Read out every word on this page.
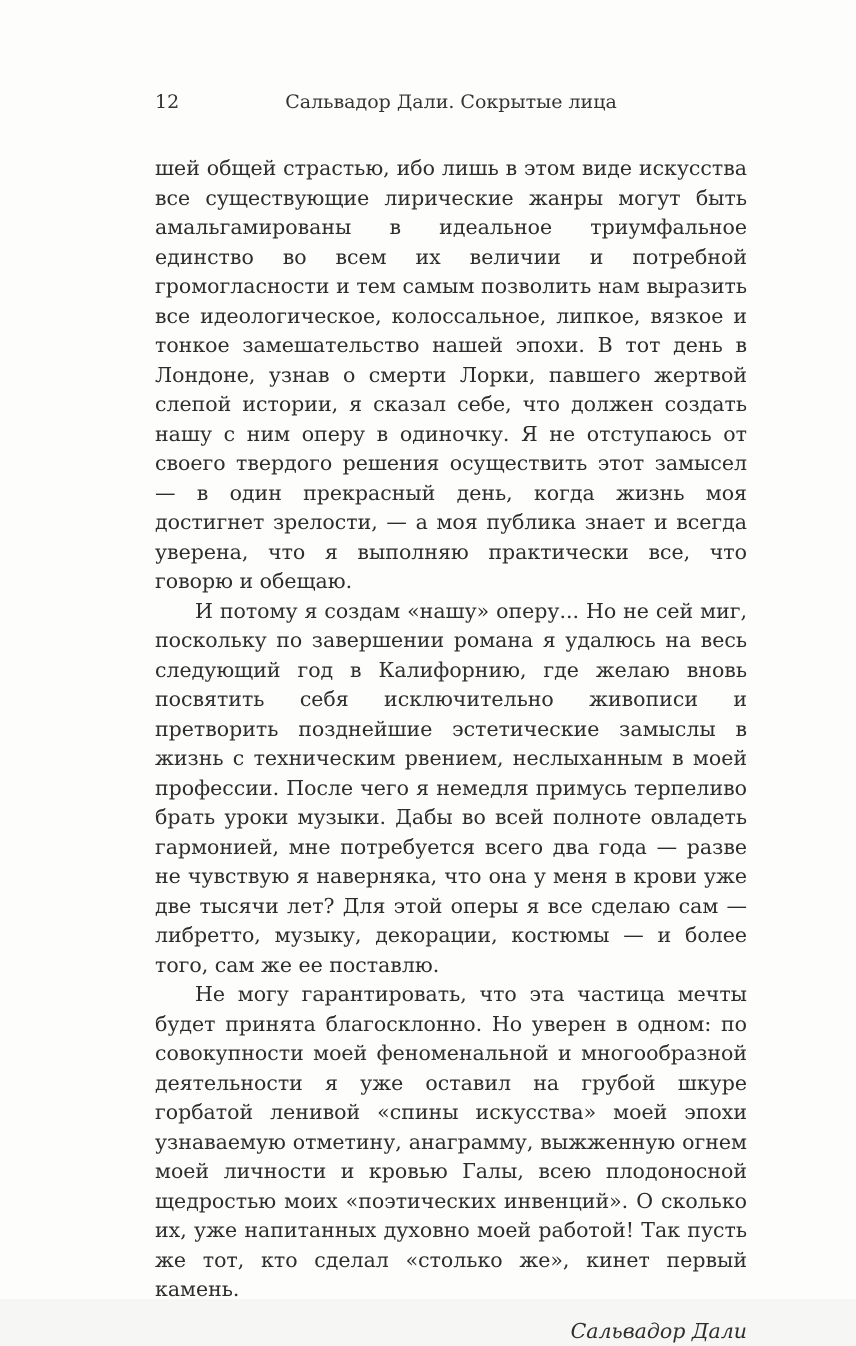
12	Сальвадор Дали. Сокрытые лица

шей общей страстью, ибо лишь в этом виде искусства все существующие лирические жанры могут быть амальгамированы в идеальное триумфальное единство во всем их величии и потребной громогласности и тем самым позволить нам выразить все идеологическое, колоссальное, липкое, вязкое и тонкое замешательство нашей эпохи. В тот день в Лондоне, узнав о смерти Лорки, павшего жертвой слепой истории, я сказал себе, что должен создать нашу с ним оперу в одиночку. Я не отступаюсь от своего твердого решения осуществить этот замысел — в один прекрасный день, когда жизнь моя достигнет зрелости, — а моя публика знает и всегда уверена, что я выполняю практически все, что говорю и обещаю.

И потому я создам «нашу» оперу... Но не сей миг, поскольку по завершении романа я удалюсь на весь следующий год в Калифорнию, где желаю вновь посвятить себя исключительно живописи и претворить позднейшие эстетические замыслы в жизнь с техническим рвением, неслыханным в моей профессии. После чего я немедля примусь терпеливо брать уроки музыки. Дабы во всей полноте овладеть гармонией, мне потребуется всего два года — разве не чувствую я наверняка, что она у меня в крови уже две тысячи лет? Для этой оперы я все сделаю сам — либретто, музыку, декорации, костюмы — и более того, сам же ее поставлю.

Не могу гарантировать, что эта частица мечты будет принята благосклонно. Но уверен в одном: по совокупности моей феноменальной и многообразной деятельности я уже оставил на грубой шкуре горбатой ленивой «спины искусства» моей эпохи узнаваемую отметину, анаграмму, выжженную огнем моей личности и кровью Галы, всею плодоносной щедростью моих «поэтических инвенций». О сколько их, уже напитанных духовно моей работой! Так пусть же тот, кто сделал «столько же», кинет первый камень.

Сальвадор Дали
